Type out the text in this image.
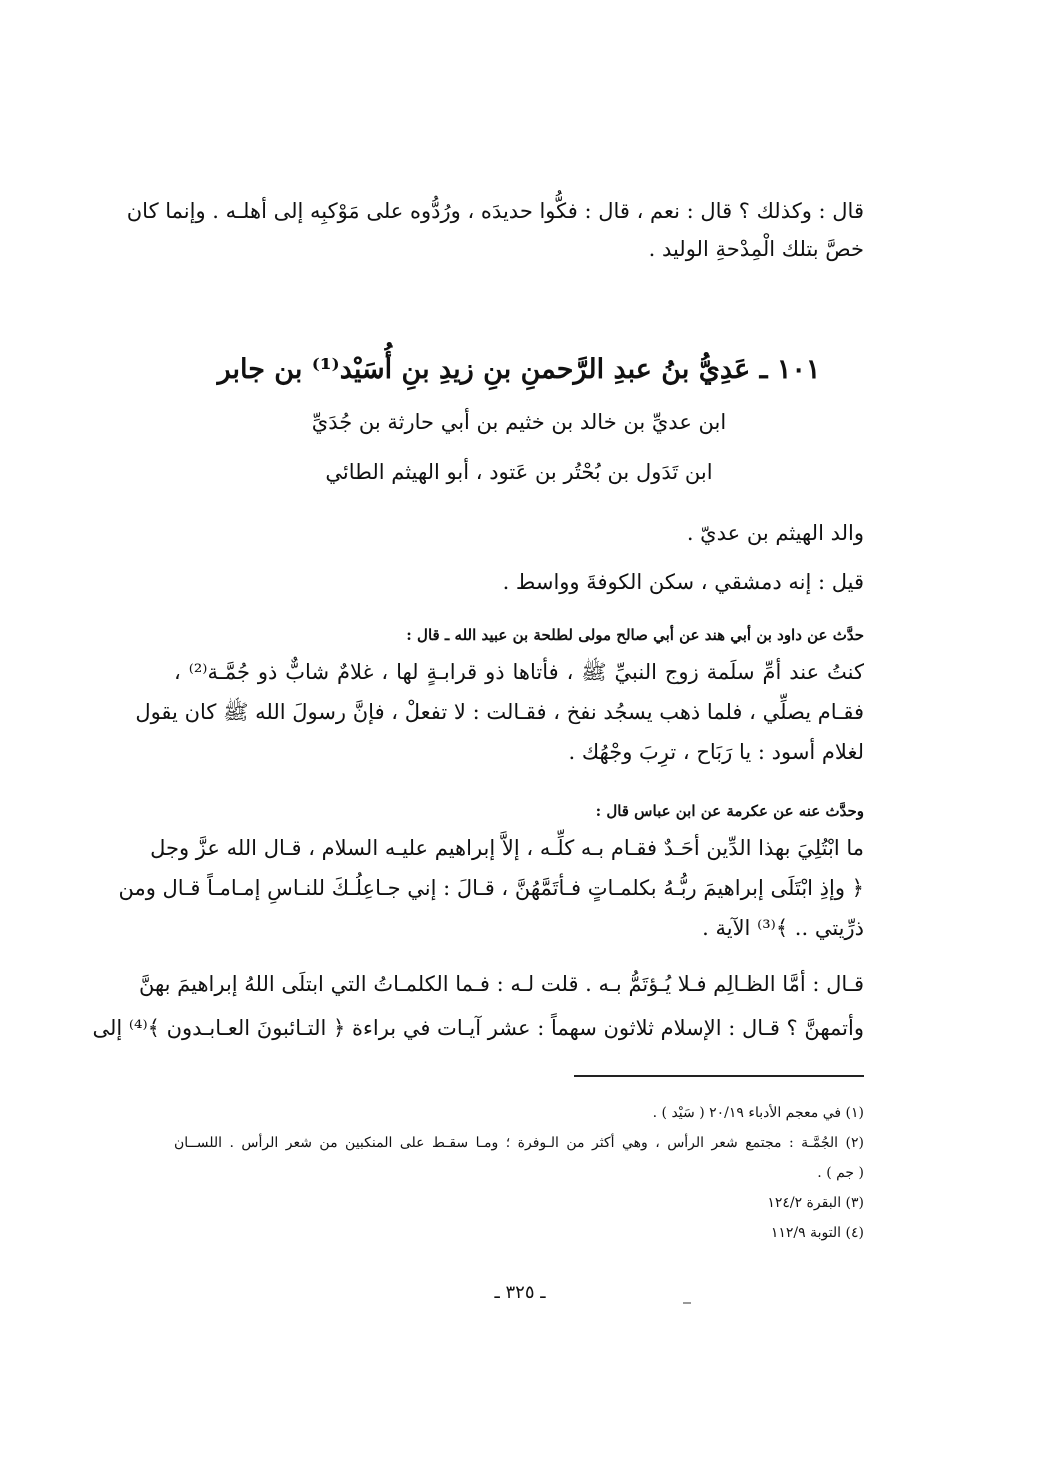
قال : وكذلك ؟ قال : نعم ، قال : فكُّوا حديدَه ، ورُدُّوه على مَوْكبِه إلى أهلـه . وإنما كان
خصَّ بتلك الْمِدْحةِ الوليد .
١٠١ ـ عَدِيُّ بنُ عبدِ الرَّحمنِ بنِ زيدِ بنِ أُسَيْد⁽¹⁾ بن جابر
ابن عديِّ بن خالد بن خثيم بن أبي حارثة بن جُدَيِّ
ابن تَدَول بن بُحْتُر بن عَتود ، أبو الهيثم الطائي
والد الهيثم بن عديّ .
قيل : إنه دمشقي ، سكن الكوفةَ وواسط .
حدَّث عن داود بن أبي هند عن أبي صالح مولى لطلحة بن عبيد الله ـ قال :
كنتُ عند أمِّ سلَمة زوج النبيِّ ﷺ ، فأتاها ذو قرابـةٍ لها ، غلامٌ شابٌّ ذو جُمَّـة⁽²⁾ ،
فقـام يصلِّي ، فلما ذهب يسجُد نفخ ، فقـالت : لا تفعلْ ، فإنَّ رسولَ الله ﷺ كان يقول
لغلام أسود : يا رَبَاح ، ترِبَ وجْهُك .
وحدَّث عنه عن عكرمة عن ابن عباس قال :
ما ابْتُلِيَ بهذا الدِّين أحَـدٌ فقـام بـه كلِّـه ، إلاَّ إبراهيم عليـه السلام ، قـال الله عزَّ وجل
﴿ وإذِ ابْتَلَى إبراهيمَ ربُّـهُ بكلمـاتٍ فـأتَمَّهُنَّ ، قـالَ : إني جـاعِلُـكَ للنـاسِ إمـامـاً قـال ومن
ذرِّيتي .. ﴾⁽³⁾ الآية .
قـال : أمَّا الظـالِم فـلا يُـؤتَمُّ بـه . قلت لـه : فـما الكلمـاتُ التي ابتلَى اللهُ إبراهيمَ بهنَّ
وأتمهنَّ ؟ قـال : الإسلام ثلاثون سهماً : عشر آيـات في براءة ﴿ التـائبونَ العـابـدون ﴾⁽⁴⁾ إلى
(١) في معجم الأدباء ٢٠/١٩ ( سَيْد ) .
(٢) الجُمَّـة : مجتمع شعر الرأس ، وهي أكثر من الـوفرة ؛ ومـا سقـط على المنكبين من شعر الرأس . اللســان
( جم ) .
(٣) البقرة ١٢٤/٢
(٤) التوبة ١١٢/٩
ـ ٣٢٥ ـ
